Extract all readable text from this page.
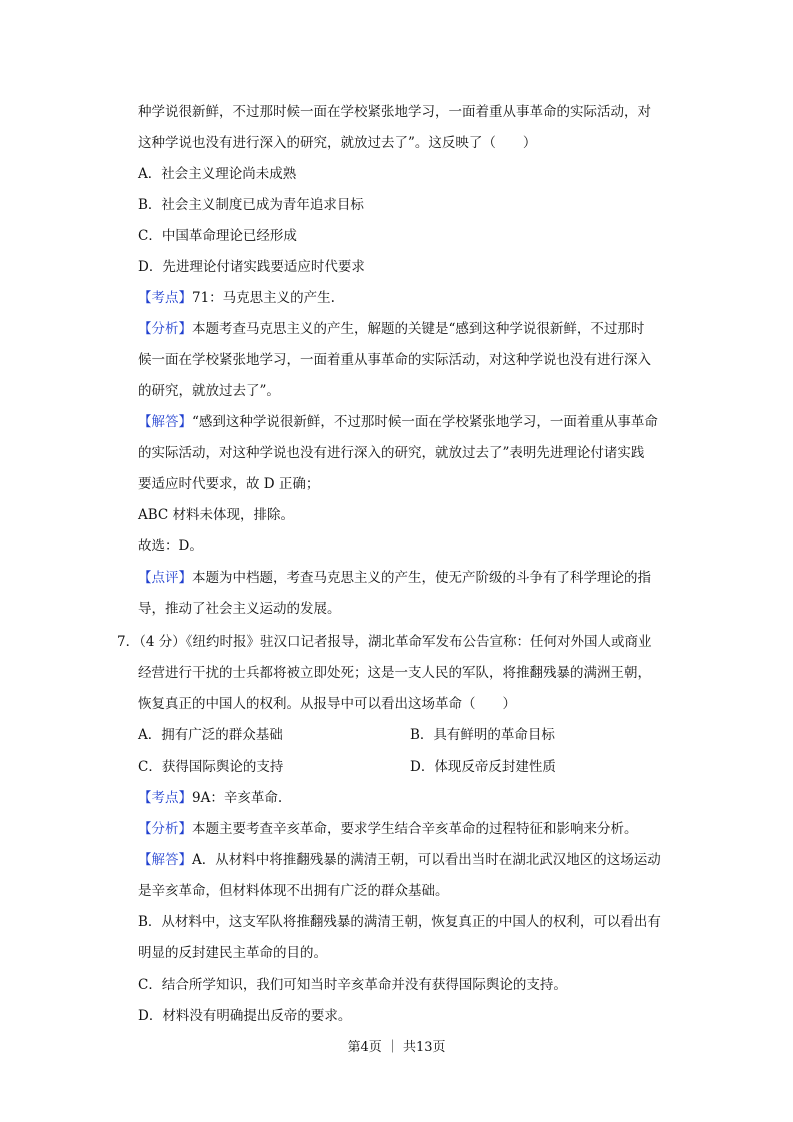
种学说很新鲜，不过那时候一面在学校紧张地学习，一面着重从事革命的实际活动，对
这种学说也没有进行深入的研究，就放过去了”。这反映了（　　）
A．社会主义理论尚未成熟
B．社会主义制度已成为青年追求目标
C．中国革命理论已经形成
D．先进理论付诸实践要适应时代要求
【考点】71：马克思主义的产生.
【分析】本题考查马克思主义的产生，解题的关键是“感到这种学说很新鲜，不过那时
候一面在学校紧张地学习，一面着重从事革命的实际活动，对这种学说也没有进行深入
的研究，就放过去了”。
【解答】“感到这种学说很新鲜，不过那时候一面在学校紧张地学习，一面着重从事革命
的实际活动，对这种学说也没有进行深入的研究，就放过去了”表明先进理论付诸实践
要适应时代要求，故 D 正确；
ABC 材料未体现，排除。
故选：D。
【点评】本题为中档题，考查马克思主义的产生，使无产阶级的斗争有了科学理论的指
导，推动了社会主义运动的发展。
7．（4 分）《纽约时报》驻汉口记者报导，湖北革命军发布公告宣称：任何对外国人或商业
经营进行干扰的士兵都将被立即处死；这是一支人民的军队，将推翻残暴的满洲王朝，
恢复真正的中国人的权利。从报导中可以看出这场革命（　　）
A．拥有广泛的群众基础	B．具有鲜明的革命目标
C．获得国际舆论的支持	D．体现反帝反封建性质
【考点】9A：辛亥革命.
【分析】本题主要考查辛亥革命，要求学生结合辛亥革命的过程特征和影响来分析。
【解答】A．从材料中将推翻残暴的满清王朝，可以看出当时在湖北武汉地区的这场运动
是辛亥革命，但材料体现不出拥有广泛的群众基础。
B．从材料中，这支军队将推翻残暴的满清王朝，恢复真正的中国人的权利，可以看出有
明显的反封建民主革命的目的。
C．结合所学知识，我们可知当时辛亥革命并没有获得国际舆论的支持。
D．材料没有明确提出反帝的要求。
第4页 ｜ 共13页
